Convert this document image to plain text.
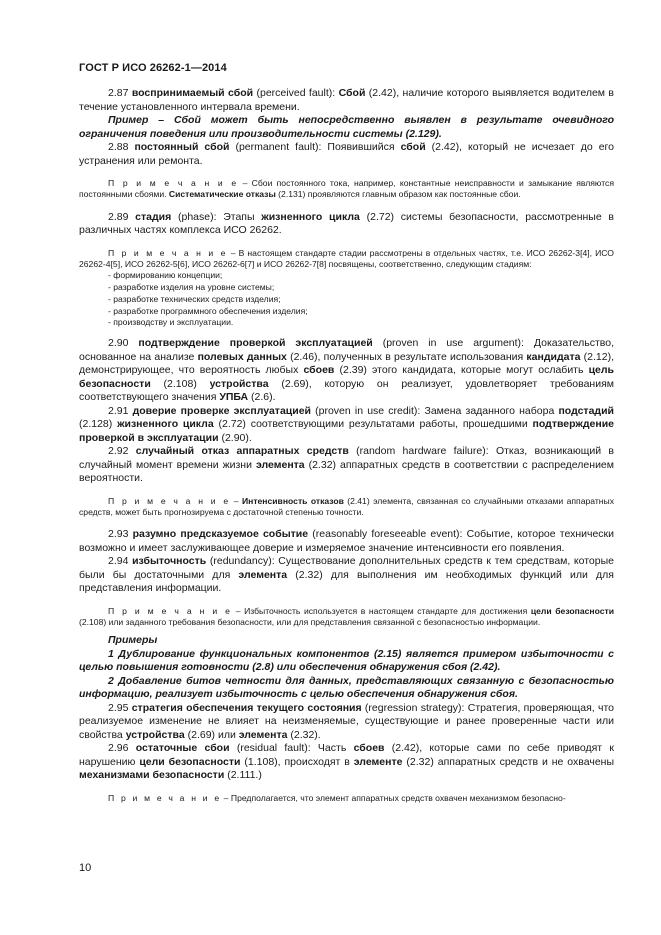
ГОСТ Р ИСО 26262-1—2014

2.87 воспринимаемый сбой (perceived fault): Сбой (2.42), наличие которого выявляется водителем в течение установленного интервала времени.

Пример – Сбой может быть непосредственно выявлен в результате очевидного ограничения поведения или производительности системы (2.129).

2.88 постоянный сбой (permanent fault): Появившийся сбой (2.42), который не исчезает до его устранения или ремонта.

П р и м е ч а н и е – Сбои постоянного тока, например, константные неисправности и замыкание являются постоянными сбоями. Систематические отказы (2.131) проявляются главным образом как постоянные сбои.

2.89 стадия (phase): Этапы жизненного цикла (2.72) системы безопасности, рассмотренные в различных частях комплекса ИСО 26262.

П р и м е ч а н и е – В настоящем стандарте стадии рассмотрены в отдельных частях, т.е. ИСО 26262-3[4], ИСО 26262-4[5], ИСО 26262-5[6], ИСО 26262-6[7] и ИСО 26262-7[8] посвящены, соответственно, следующим стадиям:

- формированию концепции;

- разработке изделия на уровне системы;

- разработке технических средств изделия;

- разработке программного обеспечения изделия;

- производству и эксплуатации.

2.90 подтверждение проверкой эксплуатацией (proven in use argument): Доказательство, основанное на анализе полевых данных (2.46), полученных в результате использования кандидата (2.12), демонстрирующее, что вероятность любых сбоев (2.39) этого кандидата, которые могут ослабить цель безопасности (2.108) устройства (2.69), которую он реализует, удовлетворяет требованиям соответствующего значения УПБА (2.6).

2.91 доверие проверке эксплуатацией (proven in use credit): Замена заданного набора подстадий (2.128) жизненного цикла (2.72) соответствующими результатами работы, прошедшими подтверждение проверкой в эксплуатации (2.90).

2.92 случайный отказ аппаратных средств (random hardware failure): Отказ, возникающий в случайный момент времени жизни элемента (2.32) аппаратных средств в соответствии с распределением вероятности.

П р и м е ч а н и е – Интенсивность отказов (2.41) элемента, связанная со случайными отказами аппаратных средств, может быть прогнозируема с достаточной степенью точности.

2.93 разумно предсказуемое событие (reasonably foreseeable event): Событие, которое технически возможно и имеет заслуживающее доверие и измеряемое значение интенсивности его появления.

2.94 избыточность (redundancy): Существование дополнительных средств к тем средствам, которые были бы достаточными для элемента (2.32) для выполнения им необходимых функций или для представления информации.

П р и м е ч а н и е – Избыточность используется в настоящем стандарте для достижения цели безопасности (2.108) или заданного требования безопасности, или для представления связанной с безопасностью информации.

Примеры

1 Дублирование функциональных компонентов (2.15) является примером избыточности с целью повышения готовности (2.8) или обеспечения обнаружения сбоя (2.42).

2 Добавление битов четности для данных, представляющих связанную с безопасностью информацию, реализует избыточность с целью обеспечения обнаружения сбоя.

2.95 стратегия обеспечения текущего состояния (regression strategy): Стратегия, проверяющая, что реализуемое изменение не влияет на неизменяемые, существующие и ранее проверенные части или свойства устройства (2.69) или элемента (2.32).

2.96 остаточные сбои (residual fault): Часть сбоев (2.42), которые сами по себе приводят к нарушению цели безопасности (1.108), происходят в элементе (2.32) аппаратных средств и не охвачены механизмами безопасности (2.111.)

П р и м е ч а н и е – Предполагается, что элемент аппаратных средств охвачен механизмом безопасно-

10
